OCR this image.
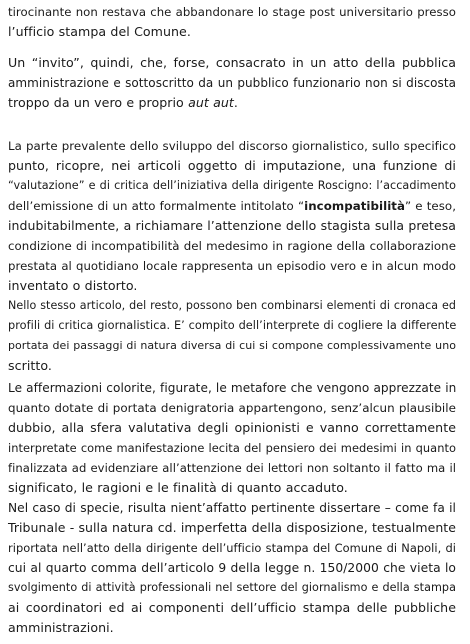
tirocinante non restava che abbandonare lo stage post universitario presso
l’ufficio stampa del Comune.
Un “invito”, quindi, che, forse, consacrato in un atto della pubblica
amministrazione e sottoscritto da un pubblico funzionario non si discosta
troppo da un vero e proprio aut aut.
La parte prevalente dello sviluppo del discorso giornalistico, sullo specifico
punto, ricopre, nei articoli oggetto di imputazione, una funzione di
“valutazione” e di critica dell’iniziativa della dirigente Roscigno: l’accadimento
dell’emissione di un atto formalmente intitolato “incompatibilità” e teso,
indubitabilmente, a richiamare l’attenzione dello stagista sulla pretesa
condizione di incompatibilità del medesimo in ragione della collaborazione
prestata al quotidiano locale rappresenta un episodio vero e in alcun modo
inventato o distorto.
Nello stesso articolo, del resto, possono ben combinarsi elementi di cronaca ed
profili di critica giornalistica. E’ compito dell’interprete di cogliere la differente
portata dei passaggi di natura diversa di cui si compone complessivamente uno
scritto.
Le affermazioni colorite, figurate, le metafore che vengono apprezzate in
quanto dotate di portata denigratoria appartengono, senz’alcun plausibile
dubbio, alla sfera valutativa degli opinionisti e vanno correttamente
interpretate come manifestazione lecita del pensiero dei medesimi in quanto
finalizzata ad evidenziare all’attenzione dei lettori non soltanto il fatto ma il
significato, le ragioni e le finalità di quanto accaduto.
Nel caso di specie, risulta nient’affatto pertinente dissertare – come fa il
Tribunale - sulla natura cd. imperfetta della disposizione, testualmente
riportata nell’atto della dirigente dell’ufficio stampa del Comune di Napoli, di
cui al quarto comma dell’articolo 9 della legge n. 150/2000 che vieta lo
svolgimento di attività professionali nel settore del giornalismo e della stampa
ai coordinatori ed ai componenti dell’ufficio stampa delle pubbliche
amministrazioni.
